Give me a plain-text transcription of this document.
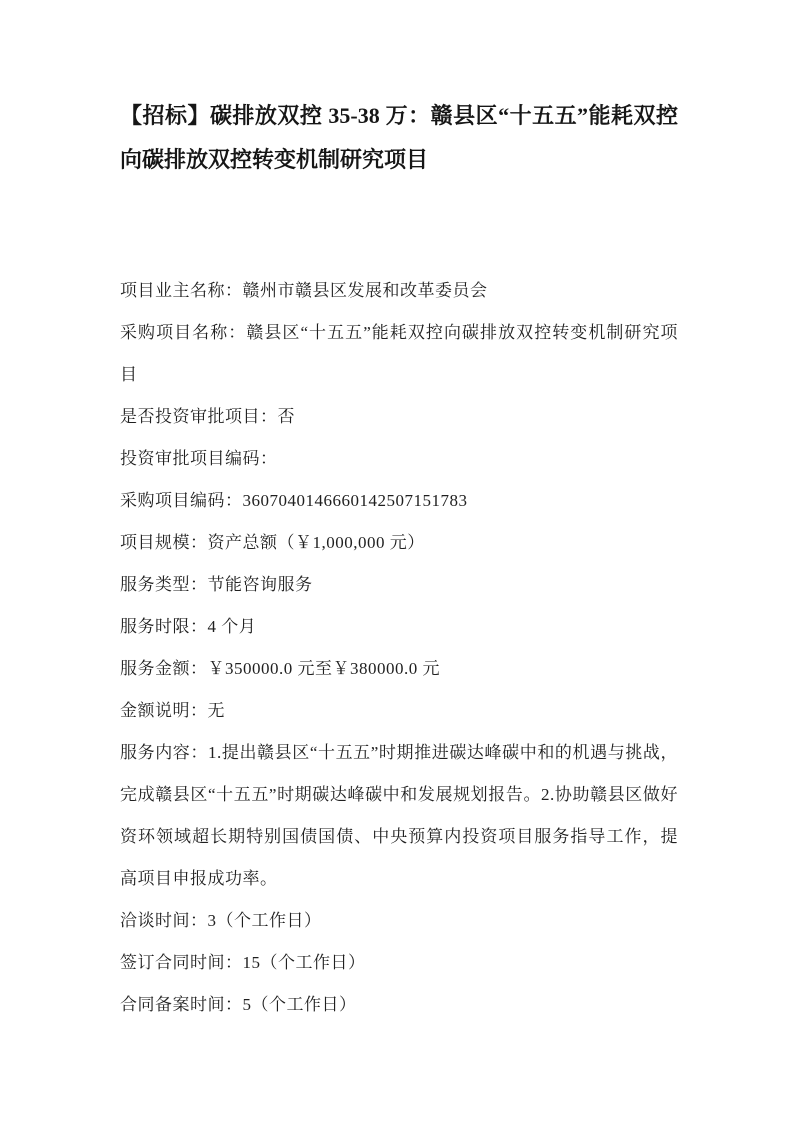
【招标】碳排放双控 35-38 万：赣县区“十五五”能耗双控向碳排放双控转变机制研究项目

项目业主名称：赣州市赣县区发展和改革委员会

采购项目名称：赣县区“十五五”能耗双控向碳排放双控转变机制研究项目

是否投资审批项目：否

投资审批项目编码：

采购项目编码：3607040146660142507151783

项目规模：资产总额（￥1,000,000 元）

服务类型：节能咨询服务

服务时限：4 个月

服务金额：￥350000.0 元至￥380000.0 元

金额说明：无

服务内容：1.提出赣县区“十五五”时期推进碳达峰碳中和的机遇与挑战，完成赣县区“十五五”时期碳达峰碳中和发展规划报告。2.协助赣县区做好资环领域超长期特别国债国债、中央预算内投资项目服务指导工作，提高项目申报成功率。

洽谈时间：3（个工作日）

签订合同时间：15（个工作日）

合同备案时间：5（个工作日）
